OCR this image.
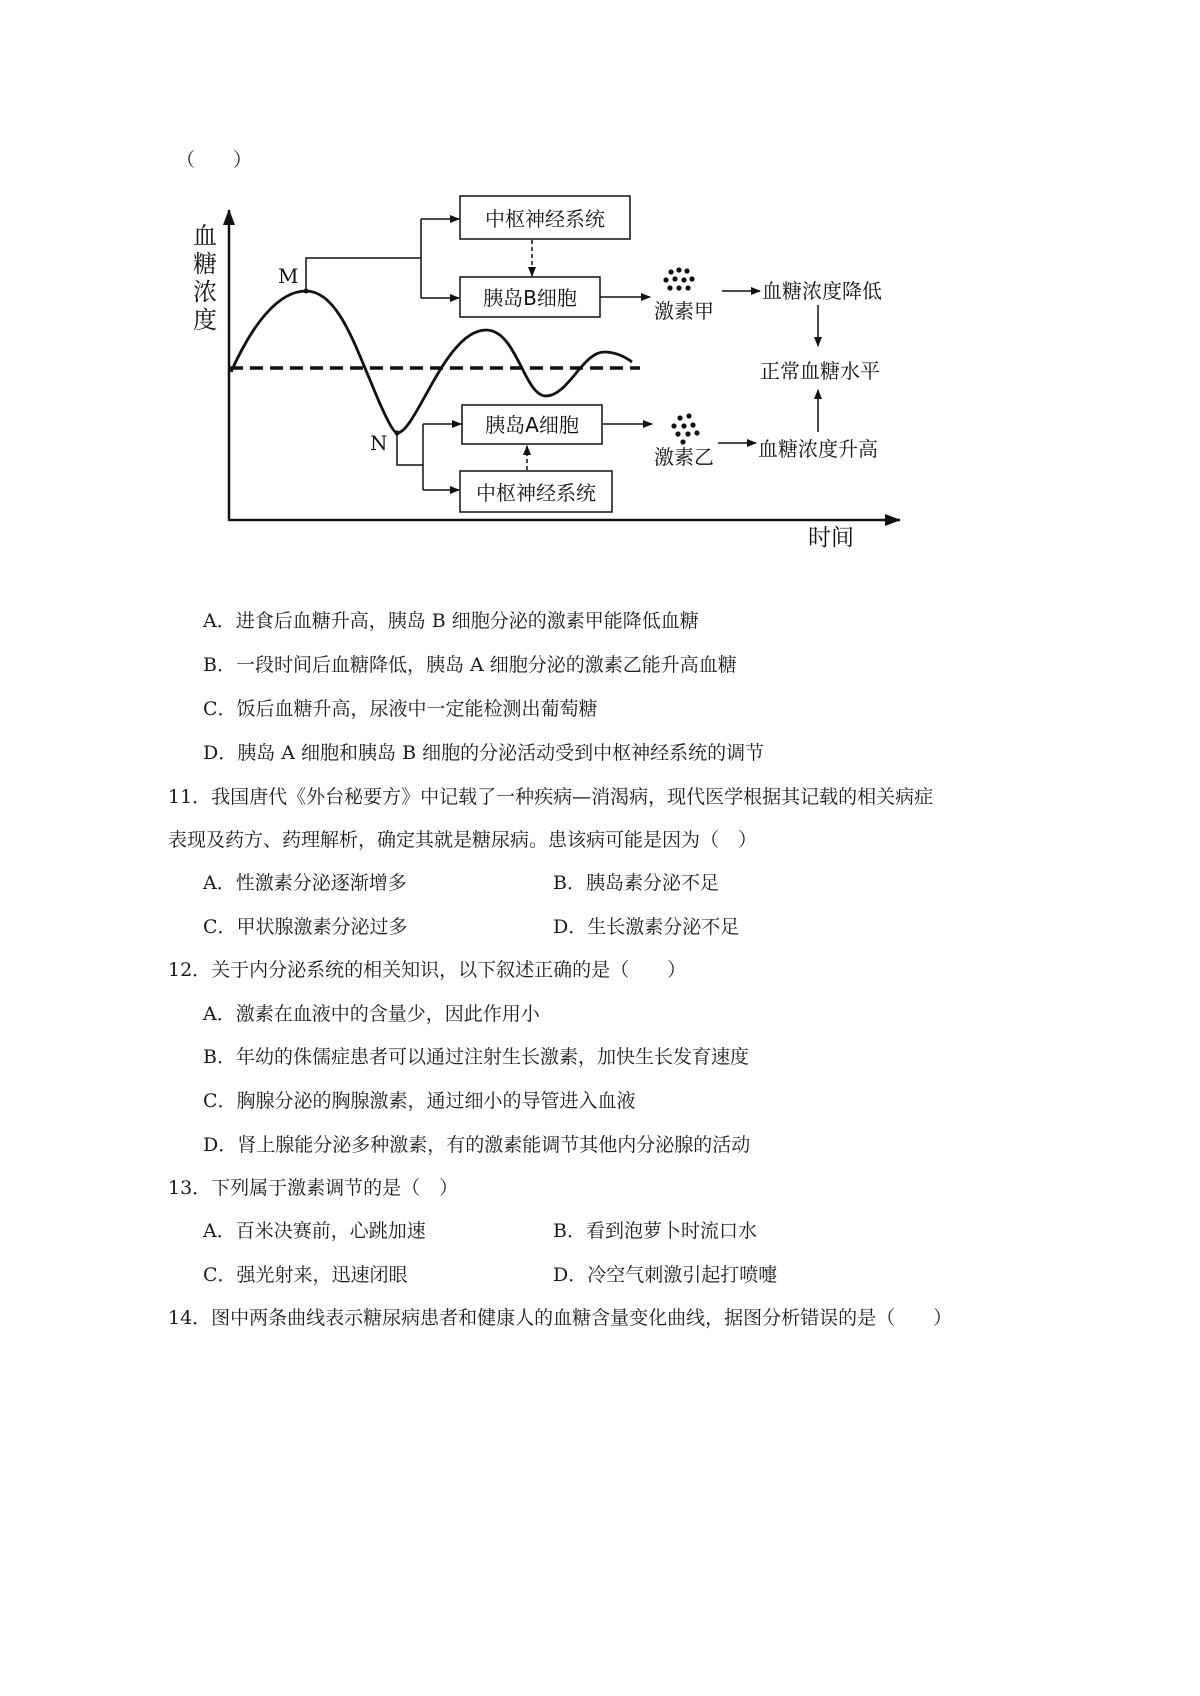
（　　）
血
糖
浓
度
时间
M
N
中枢神经系统
胰岛B细胞
激素甲
血糖浓度降低
正常血糖水平
胰岛A细胞
中枢神经系统
激素乙 血糖浓度升高
A．进食后血糖升高，胰岛 B 细胞分泌的激素甲能降低血糖
B．一段时间后血糖降低，胰岛 A 细胞分泌的激素乙能升高血糖
C．饭后血糖升高，尿液中一定能检测出葡萄糖
D．胰岛 A 细胞和胰岛 B 细胞的分泌活动受到中枢神经系统的调节
11．我国唐代《外台秘要方》中记载了一种疾病—消渴病，现代医学根据其记载的相关病症
表现及药方、药理解析，确定其就是糖尿病。患该病可能是因为（　）
A．性激素分泌逐渐增多	B．胰岛素分泌不足
C．甲状腺激素分泌过多	D．生长激素分泌不足
12．关于内分泌系统的相关知识，以下叙述正确的是（　　）
A．激素在血液中的含量少，因此作用小
B．年幼的侏儒症患者可以通过注射生长激素，加快生长发育速度
C．胸腺分泌的胸腺激素，通过细小的导管进入血液
D．肾上腺能分泌多种激素，有的激素能调节其他内分泌腺的活动
13．下列属于激素调节的是（　）
A．百米决赛前，心跳加速	B．看到泡萝卜时流口水
C．强光射来，迅速闭眼	D．冷空气刺激引起打喷嚏
14．图中两条曲线表示糖尿病患者和健康人的血糖含量变化曲线，据图分析错误的是（　　）
